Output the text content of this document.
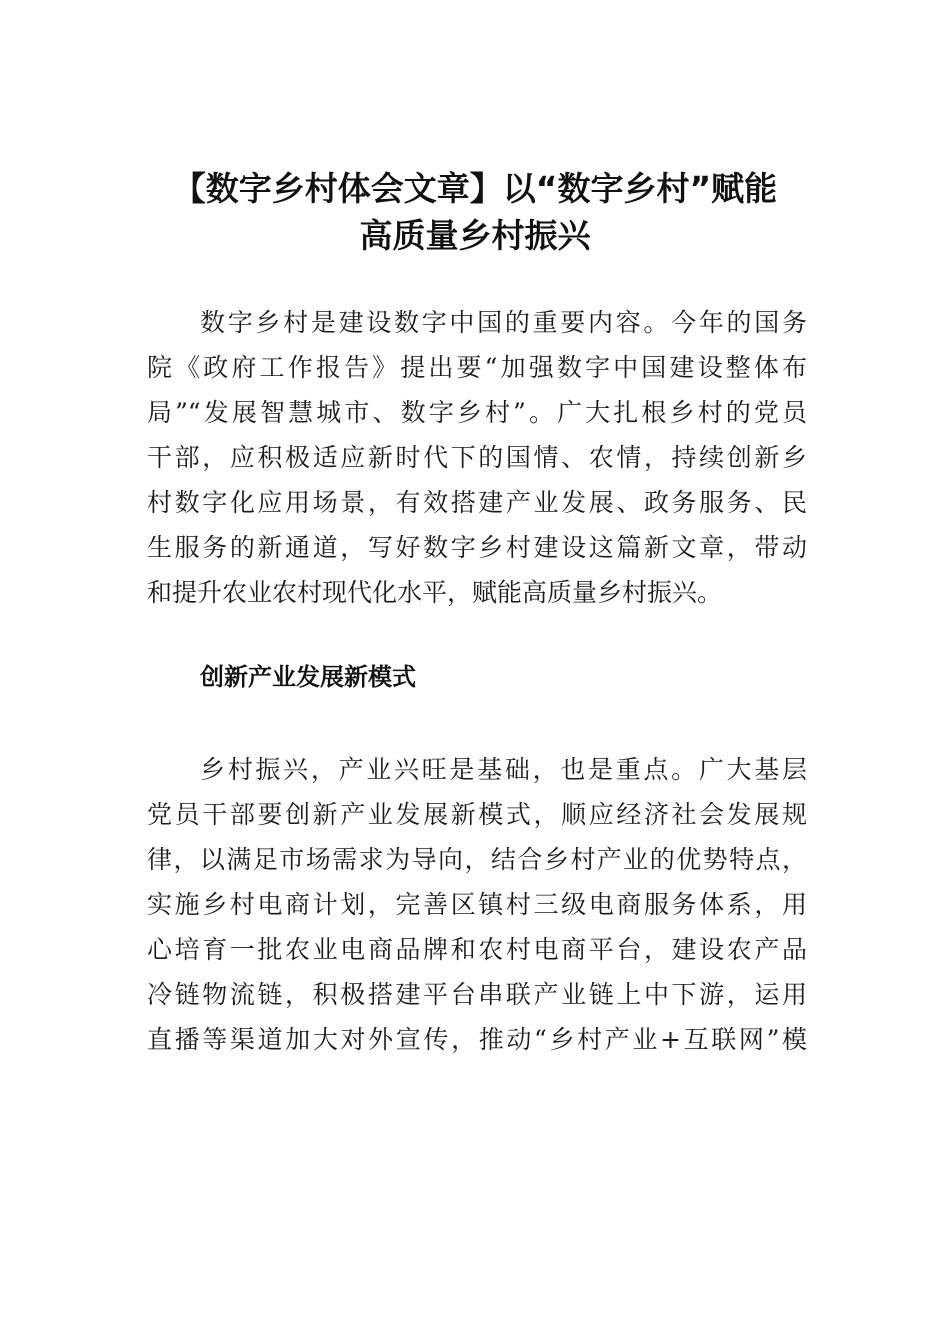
【数字乡村体会文章】以“数字乡村”赋能
高质量乡村振兴

数字乡村是建设数字中国的重要内容。今年的国务

院《政府工作报告》提出要“加强数字中国建设整体布

局”“发展智慧城市、数字乡村”。广大扎根乡村的党员

干部，应积极适应新时代下的国情、农情，持续创新乡

村数字化应用场景，有效搭建产业发展、政务服务、民

生服务的新通道，写好数字乡村建设这篇新文章，带动

和提升农业农村现代化水平，赋能高质量乡村振兴。

创新产业发展新模式

乡村振兴，产业兴旺是基础，也是重点。广大基层

党员干部要创新产业发展新模式，顺应经济社会发展规

律，以满足市场需求为导向，结合乡村产业的优势特点，

实施乡村电商计划，完善区镇村三级电商服务体系，用

心培育一批农业电商品牌和农村电商平台，建设农产品

冷链物流链，积极搭建平台串联产业链上中下游，运用

直播等渠道加大对外宣传，推动“乡村产业+互联网”模
